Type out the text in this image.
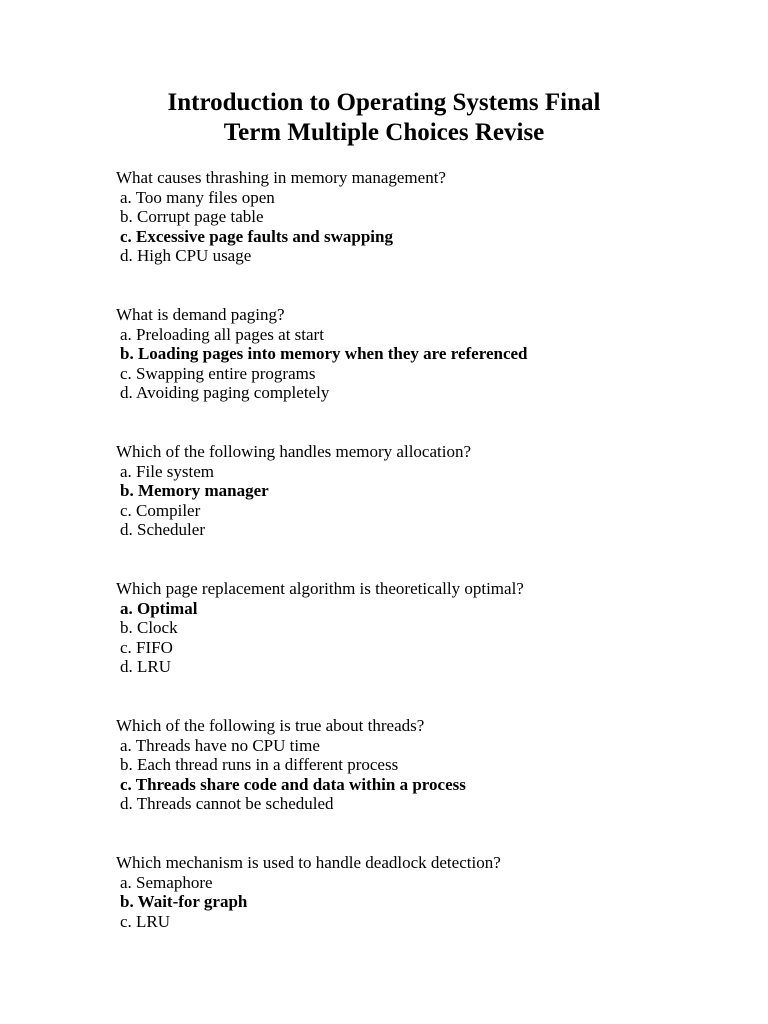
Introduction to Operating Systems Final
Term Multiple Choices Revise
What causes thrashing in memory management?
a. Too many files open
b. Corrupt page table
c. Excessive page faults and swapping
d. High CPU usage
What is demand paging?
a. Preloading all pages at start
b. Loading pages into memory when they are referenced
c. Swapping entire programs
d. Avoiding paging completely
Which of the following handles memory allocation?
a. File system
b. Memory manager
c. Compiler
d. Scheduler
Which page replacement algorithm is theoretically optimal?
a. Optimal
b. Clock
c. FIFO
d. LRU
Which of the following is true about threads?
a. Threads have no CPU time
b. Each thread runs in a different process
c. Threads share code and data within a process
d. Threads cannot be scheduled
Which mechanism is used to handle deadlock detection?
a. Semaphore
b. Wait-for graph
c. LRU
